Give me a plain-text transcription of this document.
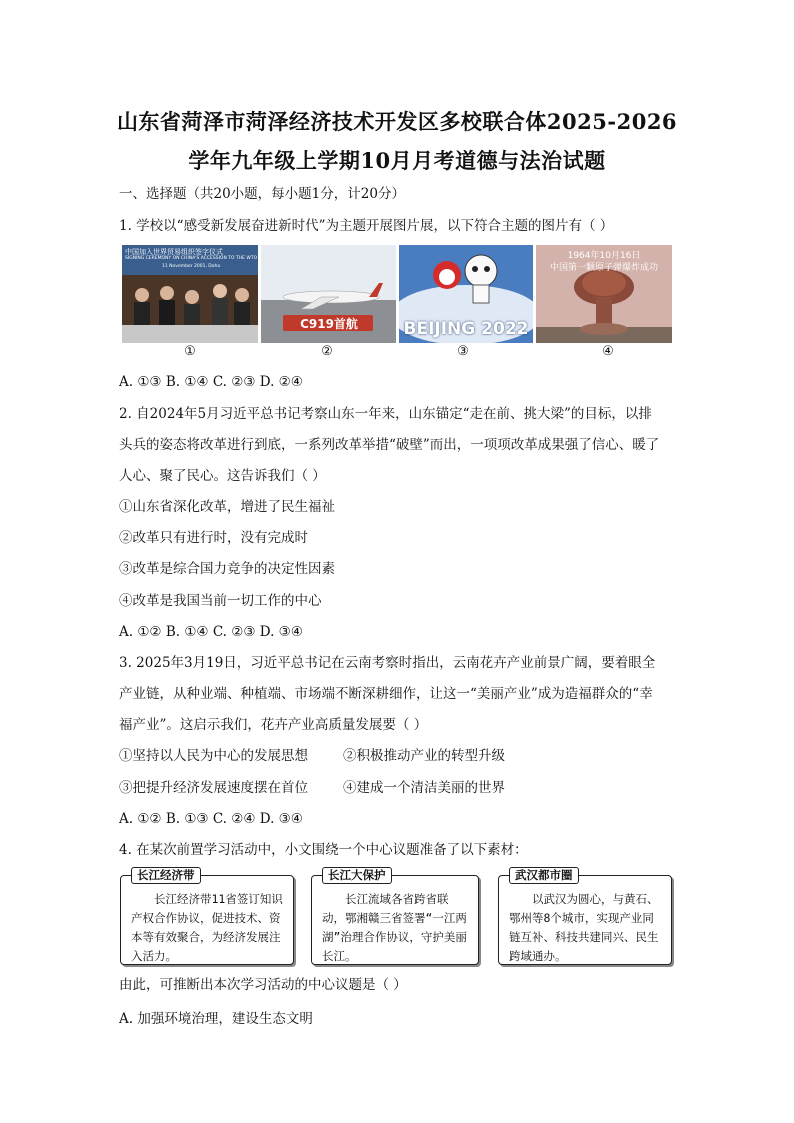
山东省菏泽市菏泽经济技术开发区多校联合体2025-2026
学年九年级上学期10月月考道德与法治试题
一、选择题（共20小题，每小题1分，计20分）
1. 学校以“感受新发展奋进新时代”为主题开展图片展，以下符合主题的图片有（ ）
中国加入世界贸易组织签字仪式
SIGNING CEREMONY ON CHINA'S ACCESSION TO THE WTO
11 November 2001, Doha
①
C919首航
②
BEIJING 2022
③
1964年10月16日
中国第一颗原子弹爆炸成功
④
A. ①③ B. ①④ C. ②③ D. ②④
2. 自2024年5月习近平总书记考察山东一年来，山东锚定“走在前、挑大梁”的目标，以排
头兵的姿态将改革进行到底，一系列改革举措“破壁”而出，一项项改革成果强了信心、暖了
人心、聚了民心。这告诉我们（ ）
①山东省深化改革，增进了民生福祉
②改革只有进行时，没有完成时
③改革是综合国力竞争的决定性因素
④改革是我国当前一切工作的中心
A. ①② B. ①④ C. ②③ D. ③④
3. 2025年3月19日，习近平总书记在云南考察时指出，云南花卉产业前景广阔，要着眼全
产业链，从种业端、种植端、市场端不断深耕细作，让这一“美丽产业”成为造福群众的“幸
福产业”。这启示我们，花卉产业高质量发展要（ ）
①坚持以人民为中心的发展思想	②积极推动产业的转型升级
③把提升经济发展速度摆在首位	④建成一个清洁美丽的世界
A. ①② B. ①③ C. ②④ D. ③④
4. 在某次前置学习活动中，小文围绕一个中心议题准备了以下素材：
长江经济带
长江经济带11省签订知识产权合作协议，促进技术、资本等有效聚合，为经济发展注入活力。
长江大保护
长江流域各省跨省联动，鄂湘赣三省签署“一江两湖”治理合作协议，守护美丽长江。
武汉都市圈
以武汉为圆心，与黄石、鄂州等8个城市，实现产业同链互补、科技共建同兴、民生跨域通办。
由此，可推断出本次学习活动的中心议题是（ ）
A. 加强环境治理，建设生态文明
